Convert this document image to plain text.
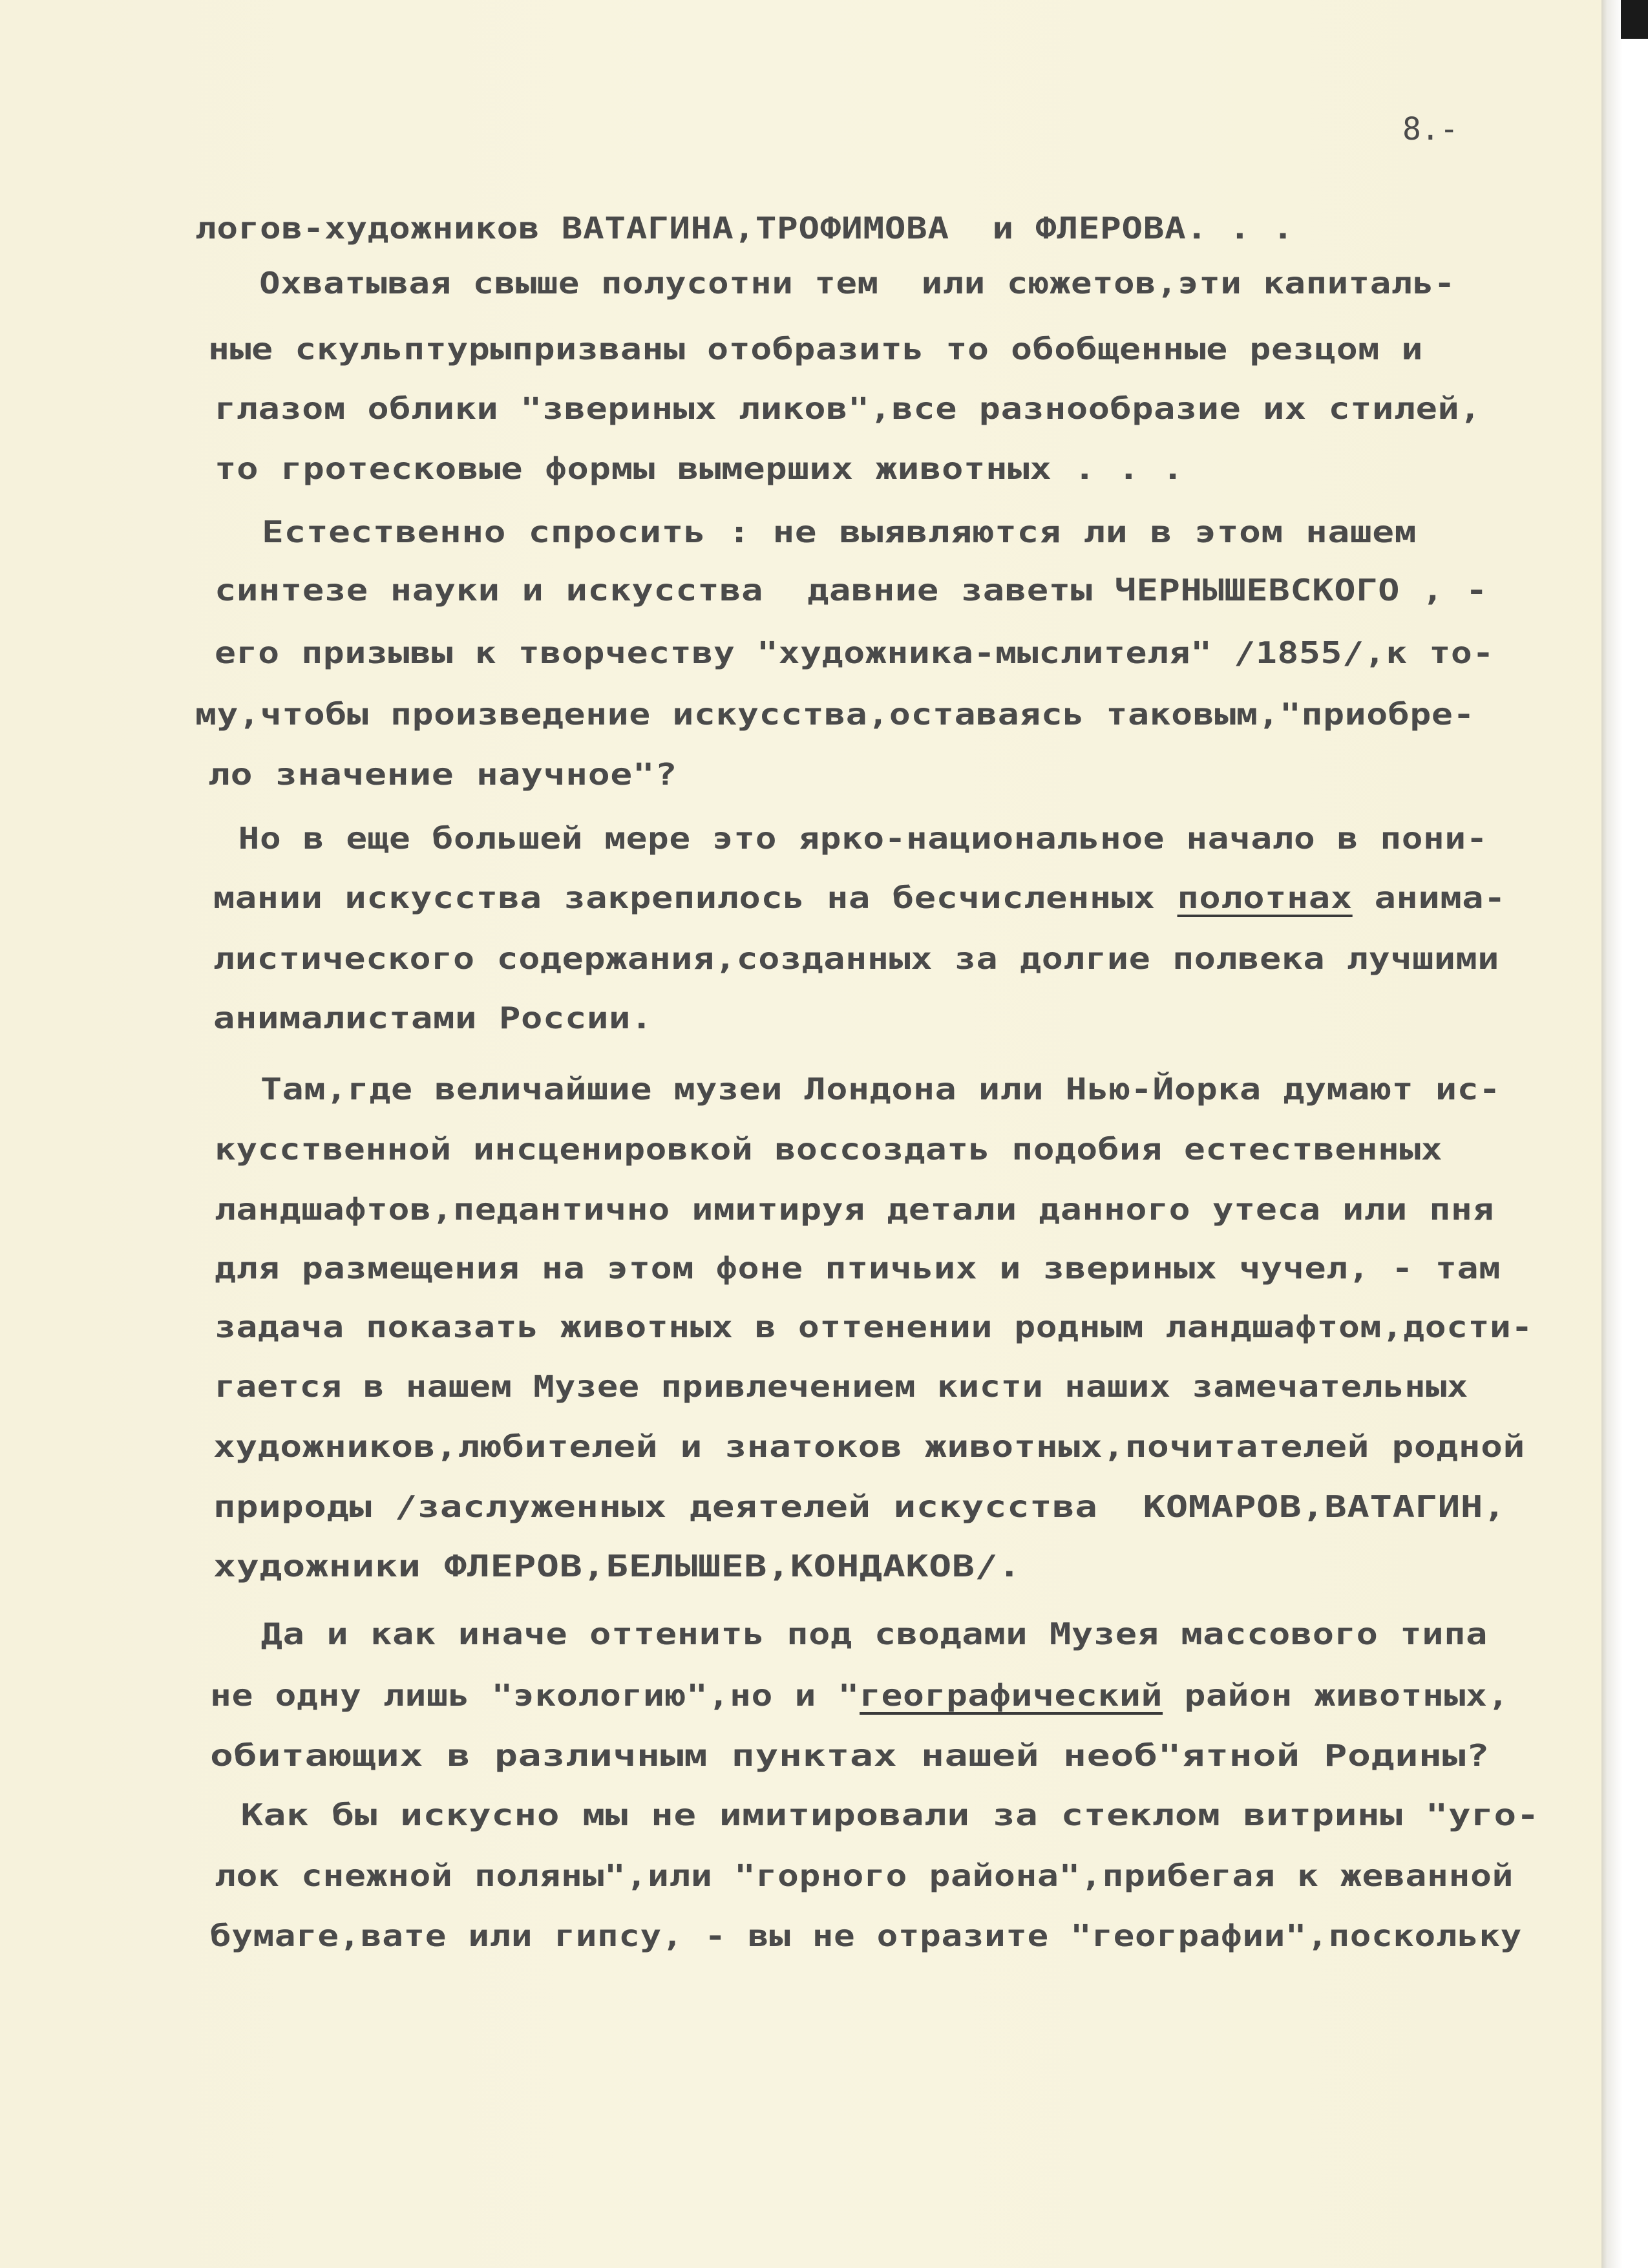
8.-
логов-художников ВАТАГИНА,ТРОФИМОВА  и ФЛЕРОВА. . .
Охватывая свыше полусотни тем  или сюжетов,эти капиталь-
ные скульптурыпризваны отобразить то обобщенные резцом и
глазом облики "звериных ликов",все разнообразие их стилей,
то гротесковые формы вымерших животных . . .
Естественно спросить : не выявляются ли в этом нашем
синтезе науки и искусства  давние заветы ЧЕРНЫШЕВСКОГО , -
его призывы к творчеству "художника-мыслителя" /1855/,к то-
му,чтобы произведение искусства,оставаясь таковым,"приобре-
ло значение научное"?
Но в еще большей мере это ярко-национальное начало в пони-
мании искусства закрепилось на бесчисленных полотнах анима-
листического содержания,созданных за долгие полвека лучшими
анималистами России.
Там,где величайшие музеи Лондона или Нью-Йорка думают ис-
кусственной инсценировкой воссоздать подобия естественных
ландшафтов,педантично имитируя детали данного утеса или пня
для размещения на этом фоне птичьих и звериных чучел, - там
задача показать животных в оттенении родным ландшафтом,дости-
гается в нашем Музее привлечением кисти наших замечательных
художников,любителей и знатоков животных,почитателей родной
природы /заслуженных деятелей искусства  КОМАРОВ,ВАТАГИН,
художники ФЛЕРОВ,БЕЛЫШЕВ,КОНДАКОВ/.
Да и как иначе оттенить под сводами Музея массового типа
не одну лишь "экологию",но и "географический район животных,
обитающих в различным пунктах нашей необ"ятной Родины?
Как бы искусно мы не имитировали за стеклом витрины "уго-
лок снежной поляны",или "горного района",прибегая к жеванной
бумаге,вате или гипсу, - вы не отразите "географии",поскольку
